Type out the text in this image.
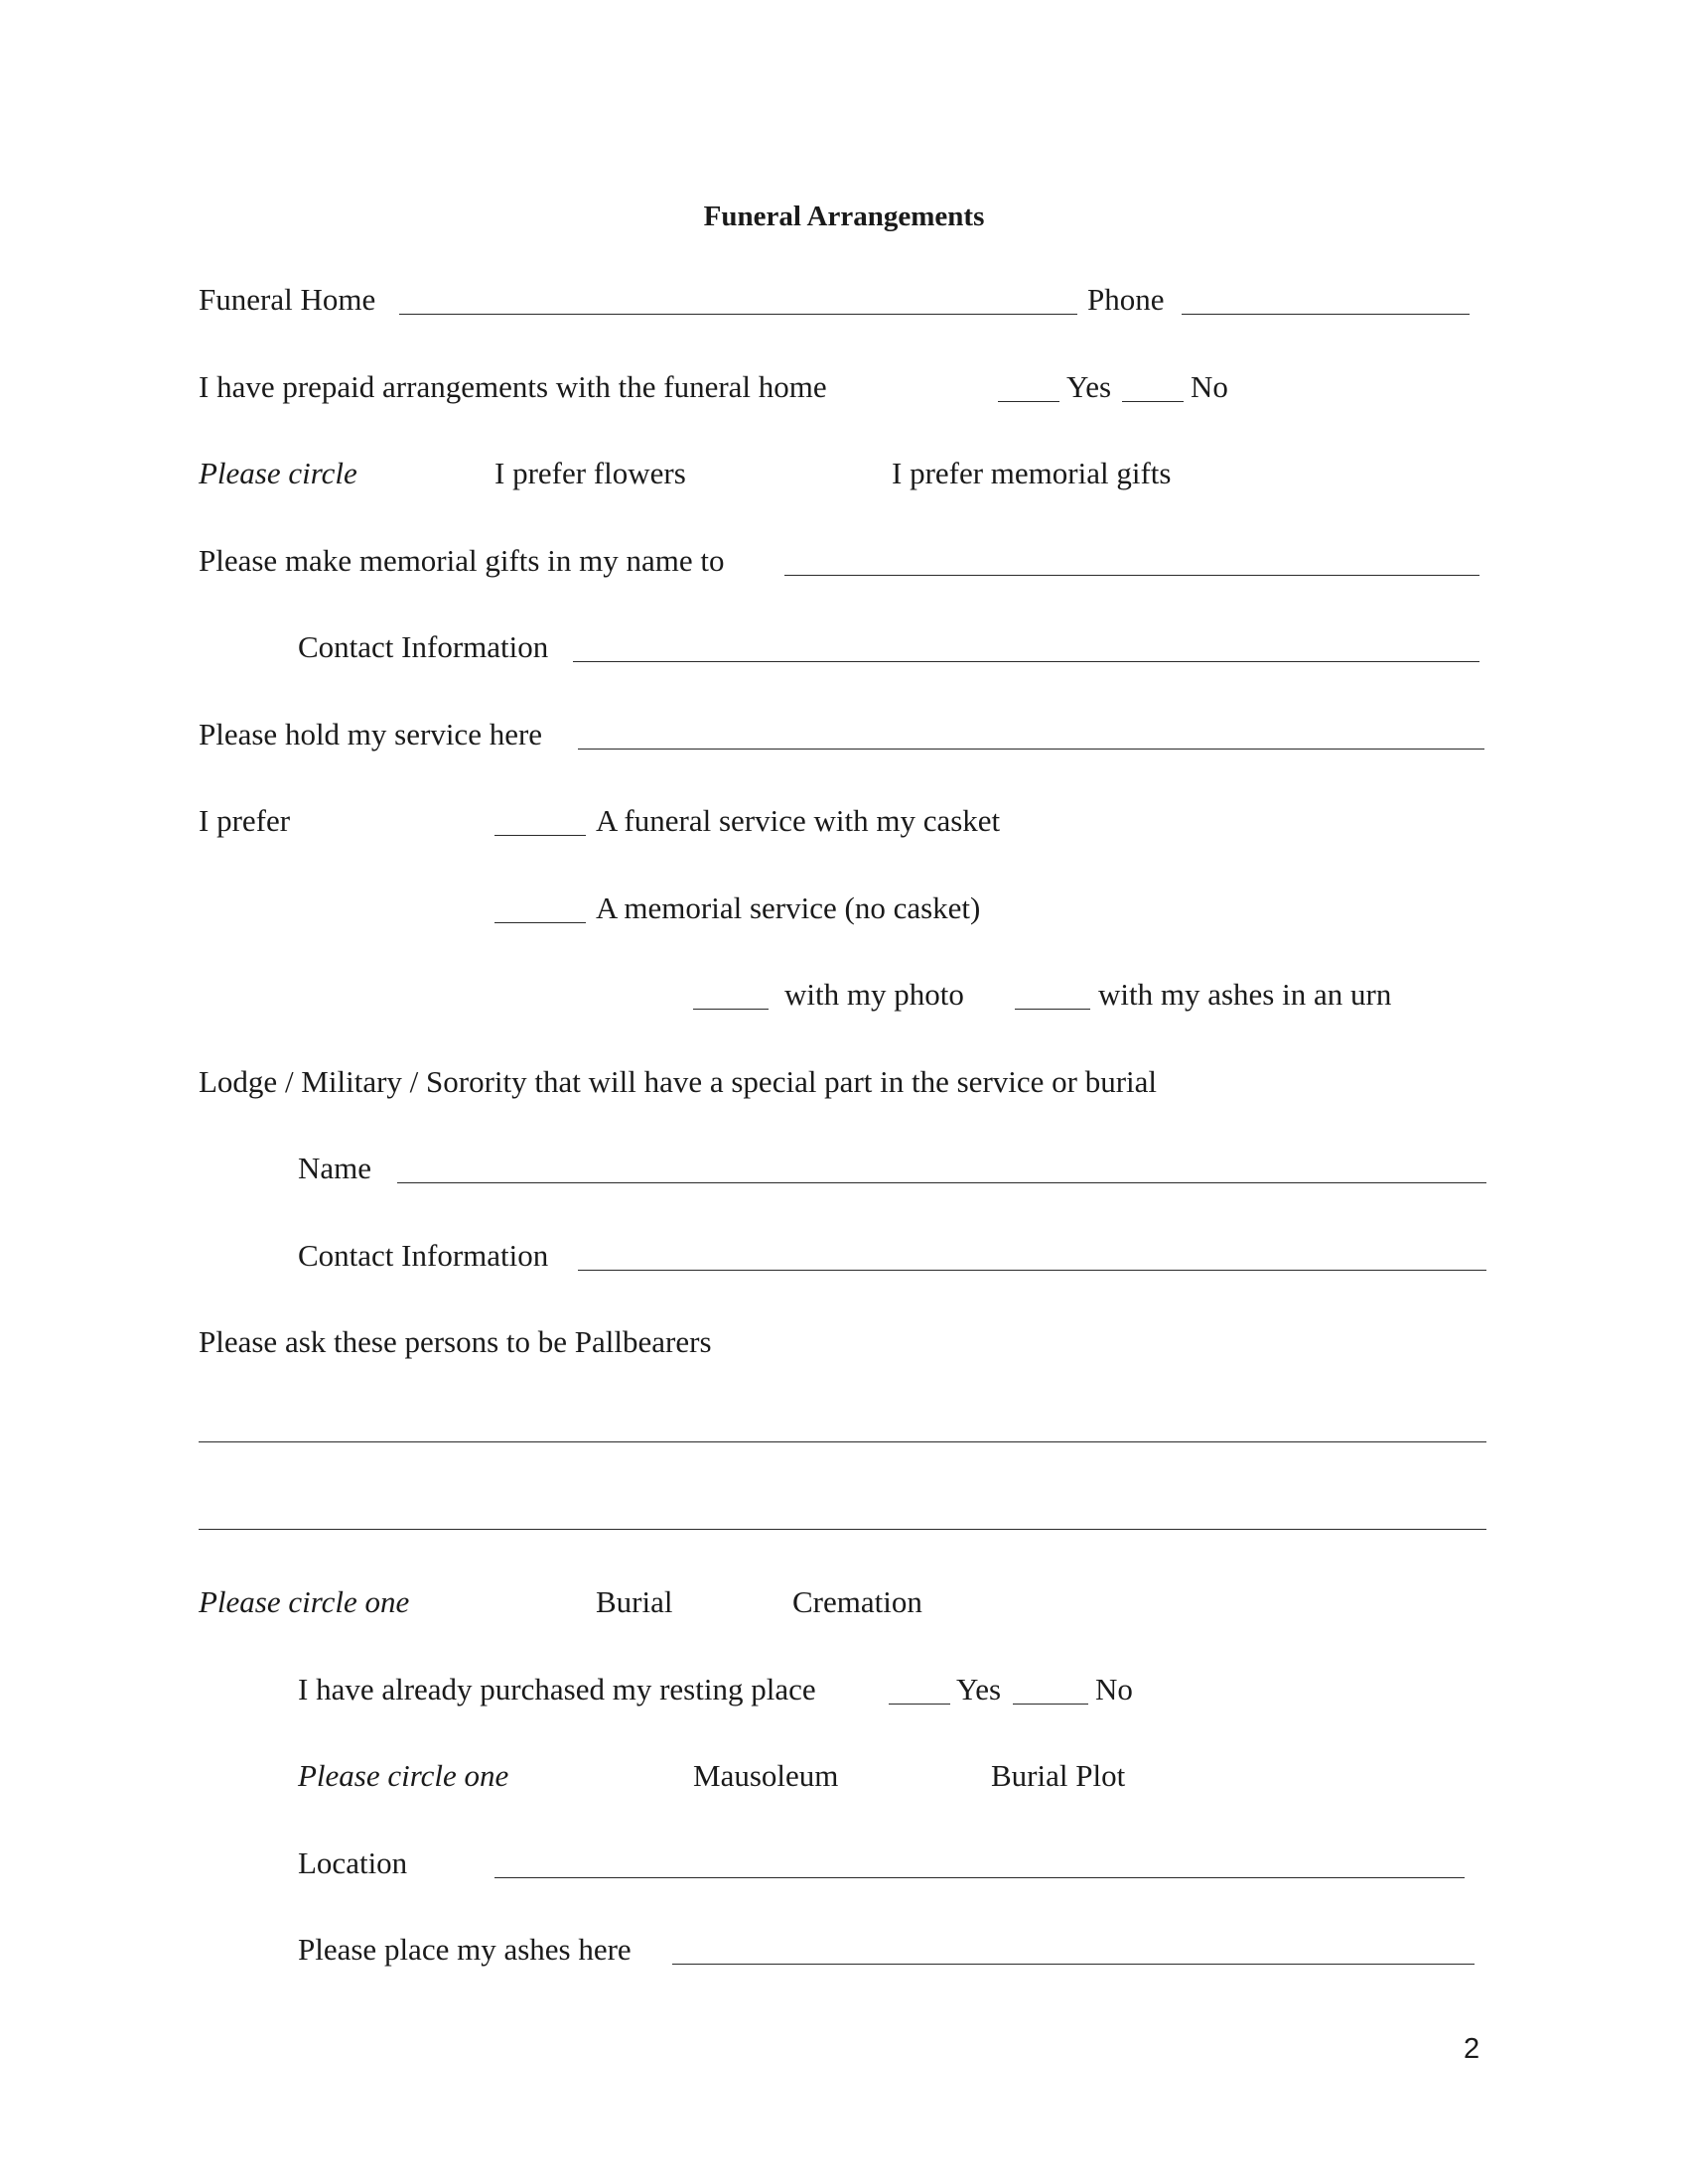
Funeral Arrangements
Funeral Home	Phone
I have prepaid arrangements with the funeral home	Yes	No
Please circle	I prefer flowers	I prefer memorial gifts
Please make memorial gifts in my name to
Contact Information
Please hold my service here
I prefer	A funeral service with my casket
A memorial service (no casket)
with my photo	with my ashes in an urn
Lodge / Military / Sorority that will have a special part in the service or burial
Name
Contact Information
Please ask these persons to be Pallbearers
Please circle one	Burial	Cremation
I have already purchased my resting place	Yes	No
Please circle one	Mausoleum	Burial Plot
Location
Please place my ashes here
2
